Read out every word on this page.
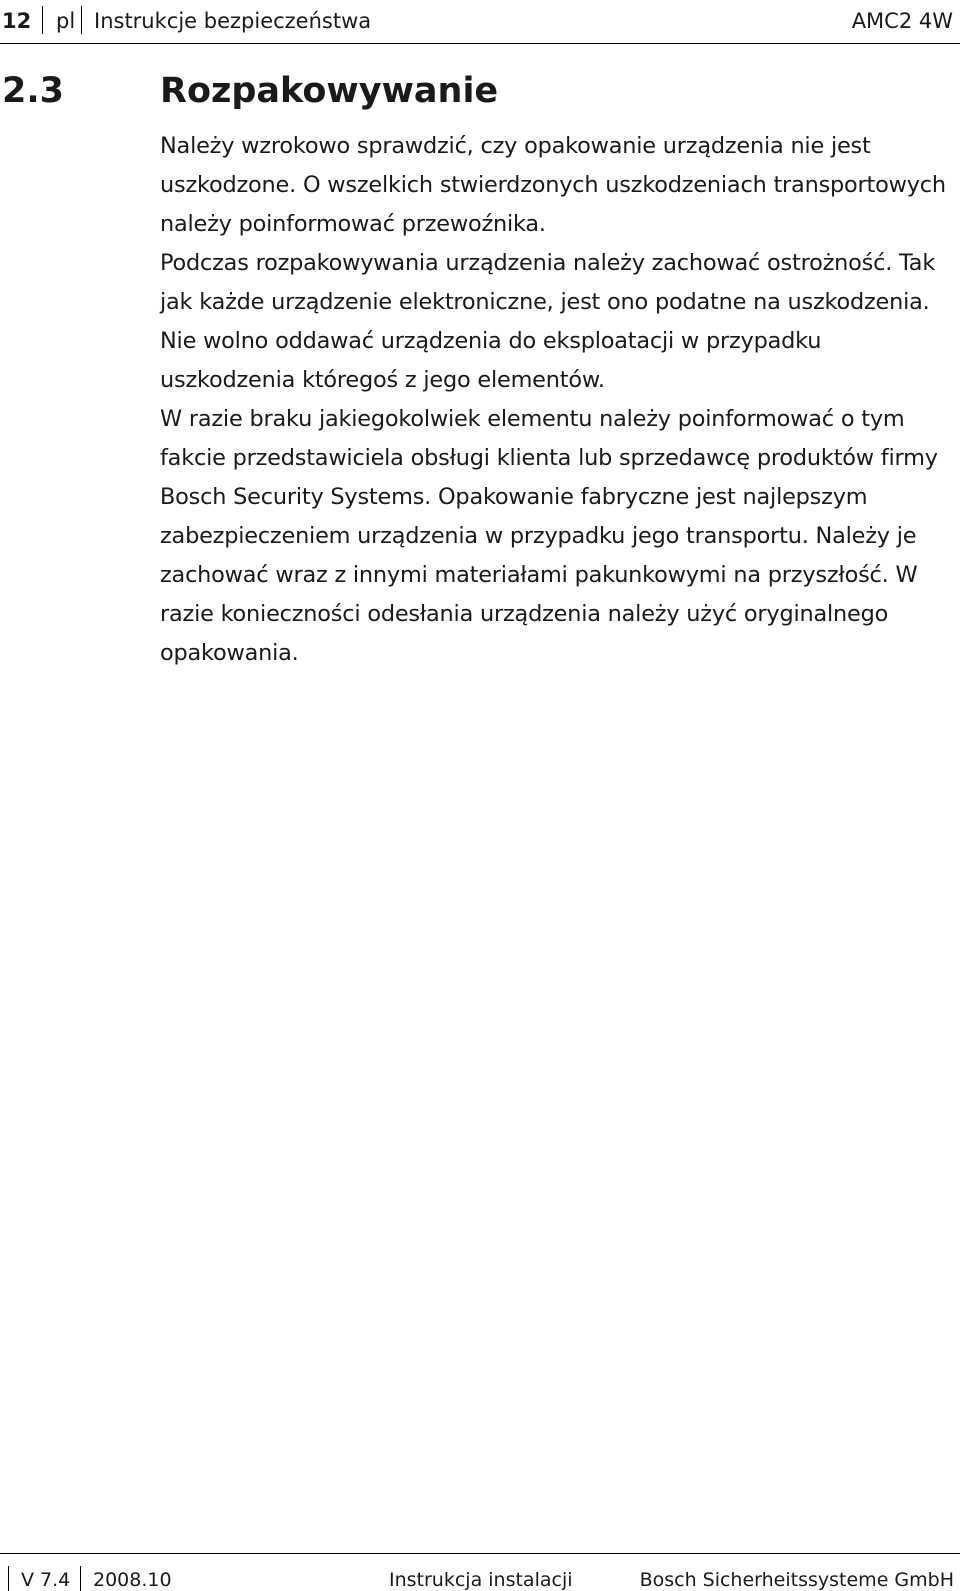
12 pl Instrukcje bezpieczeństwa	AMC2 4W
2.3	Rozpakowywanie

Należy wzrokowo sprawdzić, czy opakowanie urządzenia nie jest uszkodzone. O wszelkich stwierdzonych uszkodzeniach transportowych należy poinformować przewoźnika.

Podczas rozpakowywania urządzenia należy zachować ostrożność. Tak jak każde urządzenie elektroniczne, jest ono podatne na uszkodzenia. Nie wolno oddawać urządzenia do eksploatacji w przypadku uszkodzenia któregoś z jego elementów.

W razie braku jakiegokolwiek elementu należy poinformować o tym fakcie przedstawiciela obsługi klienta lub sprzedawcę produktów firmy Bosch Security Systems. Opakowanie fabryczne jest najlepszym zabezpieczeniem urządzenia w przypadku jego transportu. Należy je zachować wraz z innymi materiałami pakunkowymi na przyszłość. W razie konieczności odesłania urządzenia należy użyć oryginalnego opakowania.

V 7.4 2008.10	Instrukcja instalacji	Bosch Sicherheitssysteme GmbH
